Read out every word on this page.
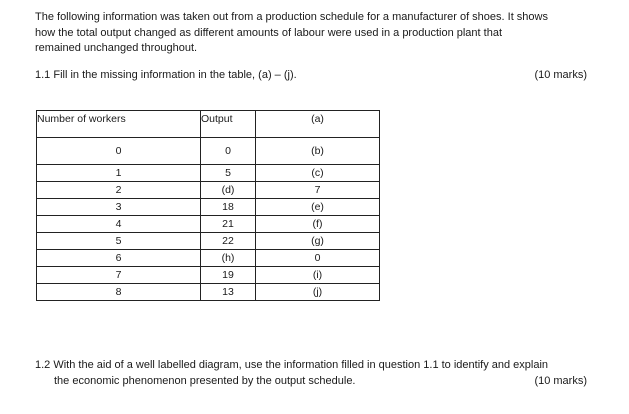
The following information was taken out from a production schedule for a manufacturer of shoes. It shows
how the total output changed as different amounts of labour were used in a production plant that
remained unchanged throughout.
1.1 Fill in the missing information in the table, (a) – (j).	(10 marks)
Number of workers	Output	(a)
0	0	(b)
1	5	(c)
2	(d)	7
3	18	(e)
4	21	(f)
5	22	(g)
6	(h)	0
7	19	(i)
8	13	(j)
1.2 With the aid of a well labelled diagram, use the information filled in question 1.1 to identify and explain
the economic phenomenon presented by the output schedule.	(10 marks)
